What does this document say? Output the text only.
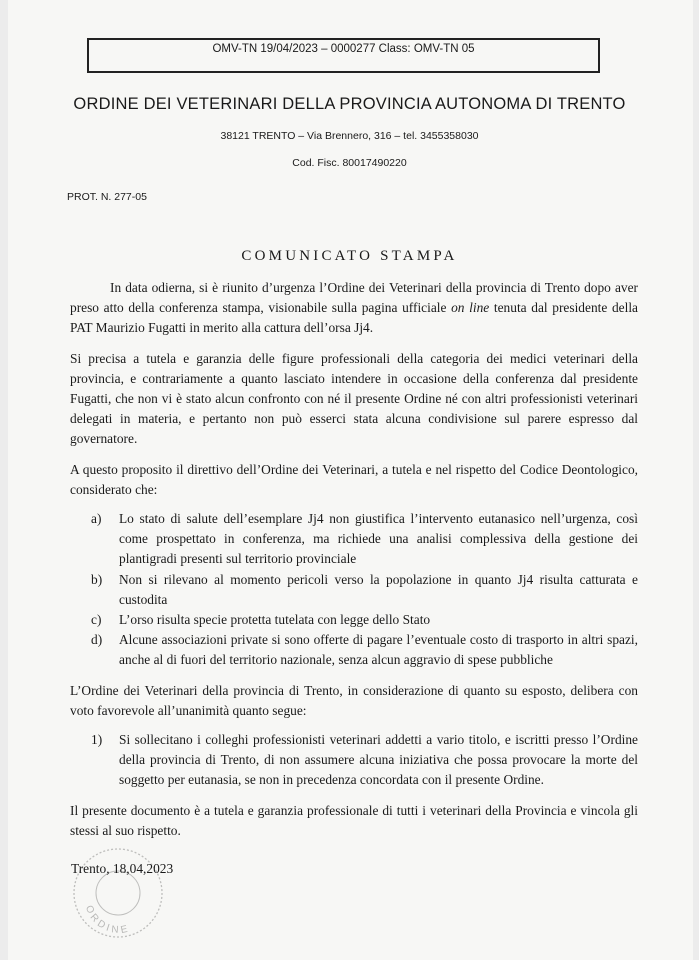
OMV-TN 19/04/2023 – 0000277 Class: OMV-TN 05
ORDINE DEI VETERINARI DELLA PROVINCIA AUTONOMA DI TRENTO
38121 TRENTO – Via Brennero, 316 – tel. 3455358030
Cod. Fisc. 80017490220
PROT. N. 277-05
COMUNICATO STAMPA

In data odierna, si è riunito d’urgenza l’Ordine dei Veterinari della provincia di Trento dopo aver preso atto della conferenza stampa, visionabile sulla pagina ufficiale on line tenuta dal presidente della PAT Maurizio Fugatti in merito alla cattura dell’orsa Jj4.

Si precisa a tutela e garanzia delle figure professionali della categoria dei medici veterinari della provincia, e contrariamente a quanto lasciato intendere in occasione della conferenza dal presidente Fugatti, che non vi è stato alcun confronto con né il presente Ordine né con altri professionisti veterinari delegati in materia, e pertanto non può esserci stata alcuna condivisione sul parere espresso dal governatore.

A questo proposito il direttivo dell’Ordine dei Veterinari, a tutela e nel rispetto del Codice Deontologico, considerato che:

a) Lo stato di salute dell’esemplare Jj4 non giustifica l’intervento eutanasico nell’urgenza, così come prospettato in conferenza, ma richiede una analisi complessiva della gestione dei plantigradi presenti sul territorio provinciale
b) Non si rilevano al momento pericoli verso la popolazione in quanto Jj4 risulta catturata e custodita
c) L’orso risulta specie protetta tutelata con legge dello Stato
d) Alcune associazioni private si sono offerte di pagare l’eventuale costo di trasporto in altri spazi, anche al di fuori del territorio nazionale, senza alcun aggravio di spese pubbliche

L’Ordine dei Veterinari della provincia di Trento, in considerazione di quanto su esposto, delibera con voto favorevole all’unanimità quanto segue:

1) Si sollecitano i colleghi professionisti veterinari addetti a vario titolo, e iscritti presso l’Ordine della provincia di Trento, di non assumere alcuna iniziativa che possa provocare la morte del soggetto per eutanasia, se non in precedenza concordata con il presente Ordine.

Il presente documento è a tutela e garanzia professionale di tutti i veterinari della Provincia e vincola gli stessi al suo rispetto.

ORDINE
Trento, 18,04,2023
